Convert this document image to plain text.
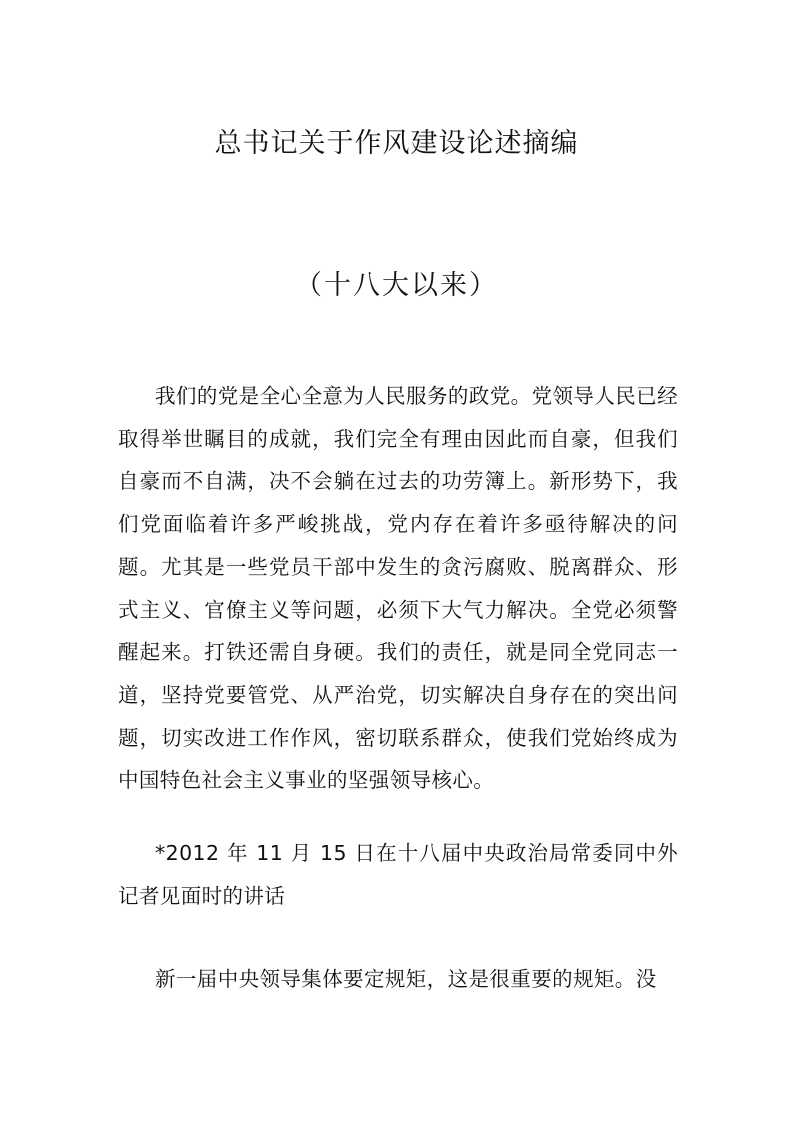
总书记关于作风建设论述摘编
（十八大以来）

我们的党是全心全意为人民服务的政党。党领导人民已经取得举世瞩目的成就，我们完全有理由因此而自豪，但我们自豪而不自满，决不会躺在过去的功劳簿上。新形势下，我们党面临着许多严峻挑战，党内存在着许多亟待解决的问题。尤其是一些党员干部中发生的贪污腐败、脱离群众、形式主义、官僚主义等问题，必须下大气力解决。全党必须警醒起来。打铁还需自身硬。我们的责任，就是同全党同志一道，坚持党要管党、从严治党，切实解决自身存在的突出问题，切实改进工作作风，密切联系群众，使我们党始终成为中国特色社会主义事业的坚强领导核心。

*2012 年 11 月 15 日在十八届中央政治局常委同中外记者见面时的讲话

新一届中央领导集体要定规矩，这是很重要的规矩。没
